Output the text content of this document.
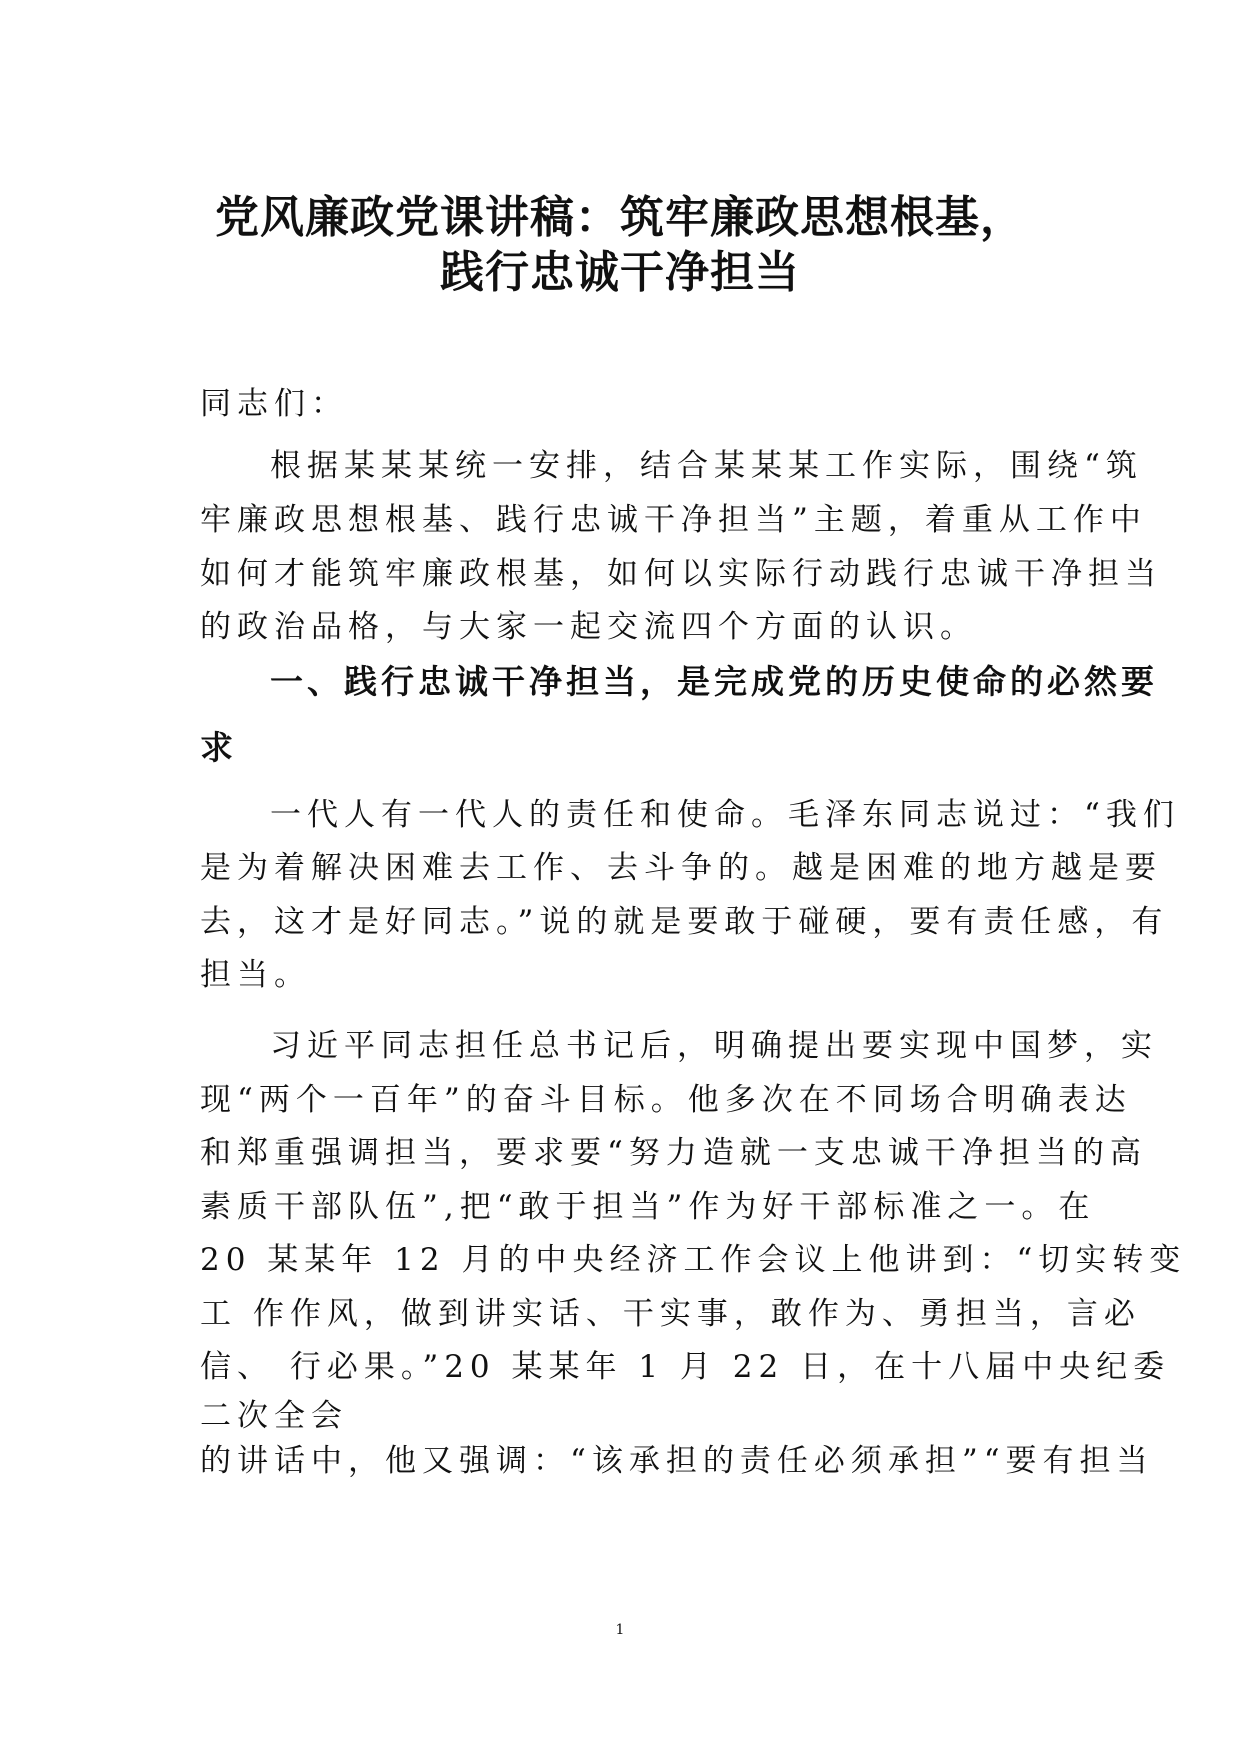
党风廉政党课讲稿：筑牢廉政思想根基，
践行忠诚干净担当
同志们：
根据某某某统一安排，结合某某某工作实际，围绕“筑
牢廉政思想根基、践行忠诚干净担当”主题，着重从工作中
如何才能筑牢廉政根基，如何以实际行动践行忠诚干净担当
的政治品格，与大家一起交流四个方面的认识。
一、践行忠诚干净担当，是完成党的历史使命的必然要
求
一代人有一代人的责任和使命。毛泽东同志说过：“我们
是为着解决困难去工作、去斗争的。越是困难的地方越是要
去，这才是好同志。”说的就是要敢于碰硬，要有责任感，有
担当。
习近平同志担任总书记后，明确提出要实现中国梦，实
现“两个一百年”的奋斗目标。他多次在不同场合明确表达
和郑重强调担当，要求要“努力造就一支忠诚干净担当的高
素质干部队伍”,把“敢于担当”作为好干部标准之一。在
20 某某年 12 月的中央经济工作会议上他讲到：“切实转变
工 作作风，做到讲实话、干实事，敢作为、勇担当，言必
信、 行必果。”20 某某年 1 月 22 日，在十八届中央纪委
二次全会
的讲话中，他又强调：“该承担的责任必须承担”“要有担当
1
